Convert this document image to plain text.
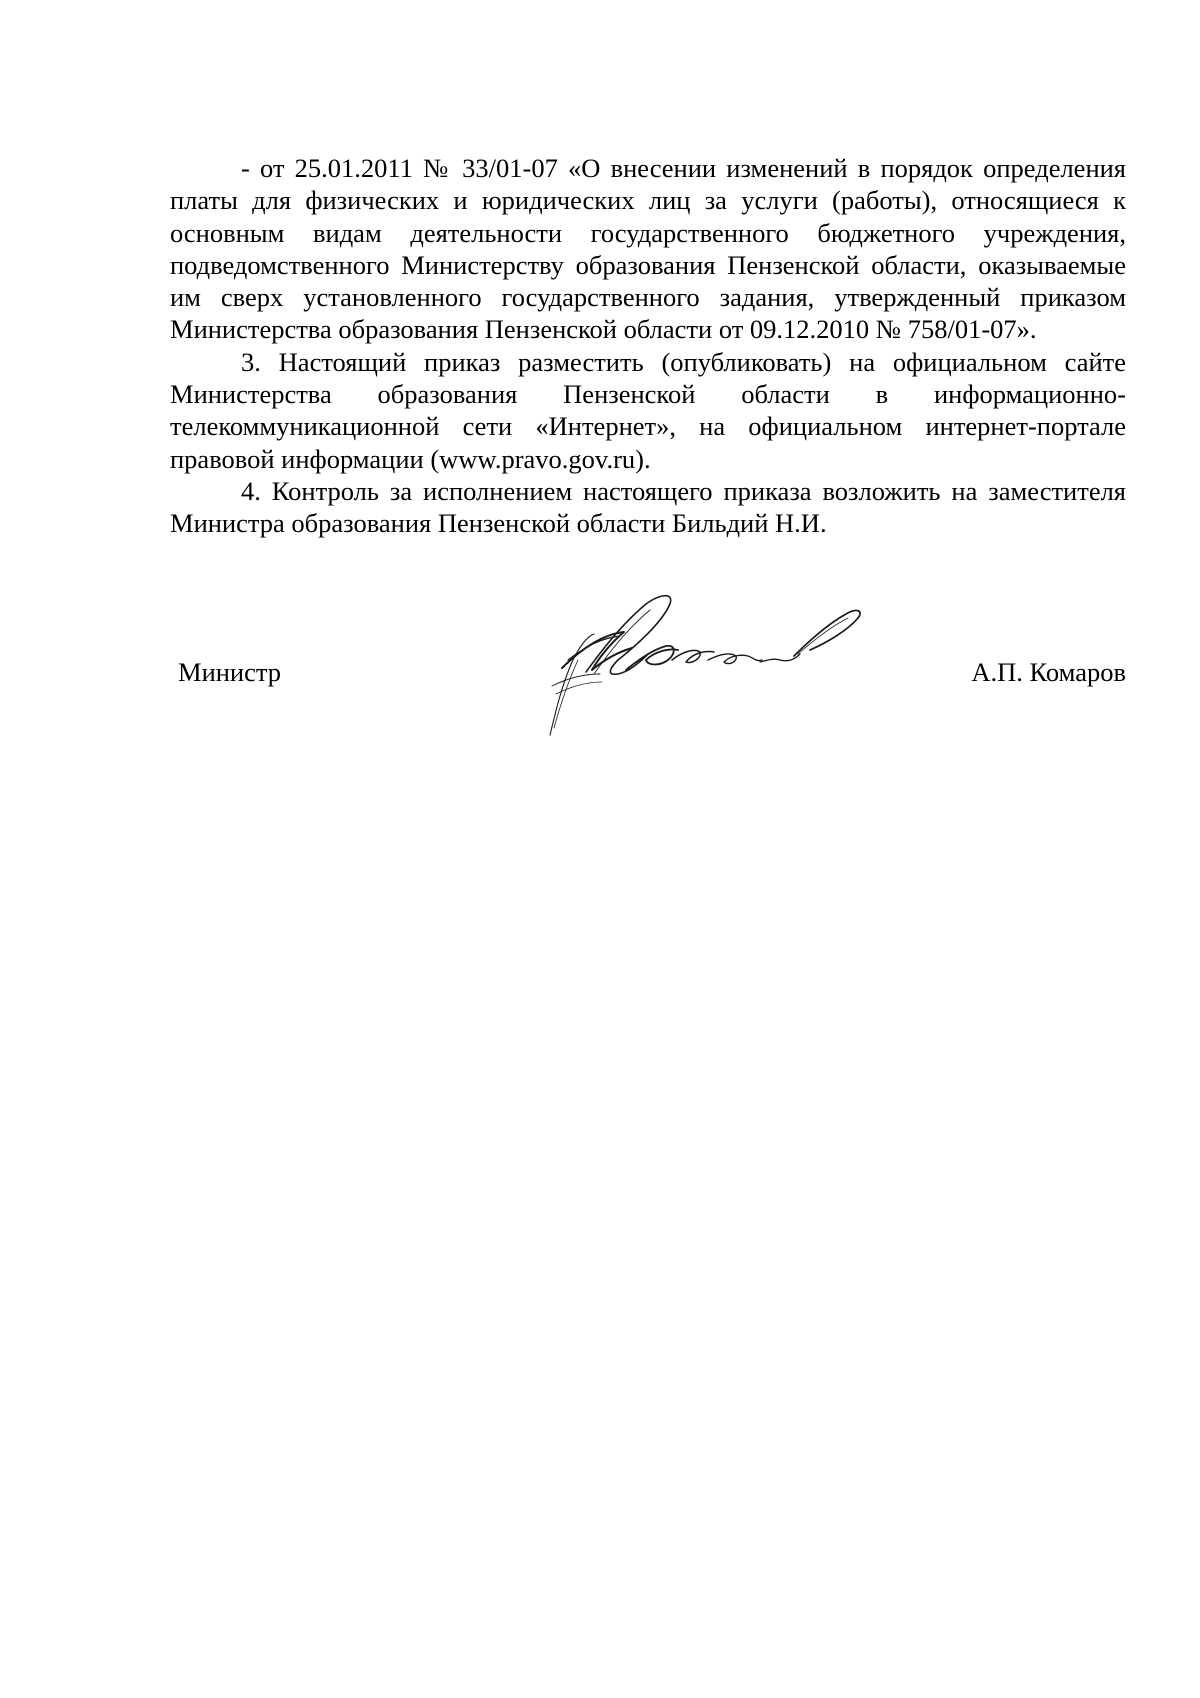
- от 25.01.2011 № 33/01-07 «О внесении изменений в порядок определения платы для физических и юридических лиц за услуги (работы), относящиеся к основным видам деятельности государственного бюджетного учреждения, подведомственного Министерству образования Пензенской области, оказываемые им сверх установленного государственного задания, утвержденный приказом Министерства образования Пензенской области от 09.12.2010 № 758/01-07».

3. Настоящий приказ разместить (опубликовать) на официальном сайте Министерства образования Пензенской области в информационно-телекоммуникационной сети «Интернет», на официальном интернет-портале правовой информации (www.pravo.gov.ru).

4. Контроль за исполнением настоящего приказа возложить на заместителя Министра образования Пензенской области Бильдий Н.И.

Министр	А.П. Комаров
